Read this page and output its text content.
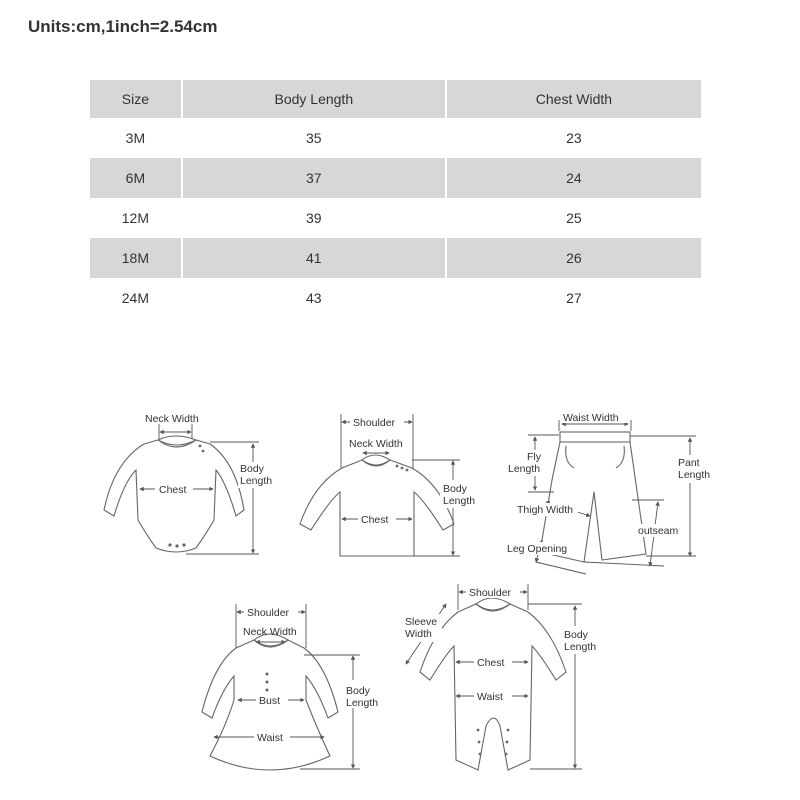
Units:cm,1inch=2.54cm
Size	Body Length	Chest Width
3M	35	23
6M	37	24
12M	39	25
18M	41	26
24M	43	27
Neck Width
Chest
Body
Length
Shoulder
Neck Width
Chest
Body
Length
Waist Width
Fly
Length	Pant
Length
Thigh Width
outseam
Leg Opening
Shoulder
Neck Width
Bust
Waist
Body
Length
Shoulder
Sleeve
Width
Chest
Waist
Body
Length
